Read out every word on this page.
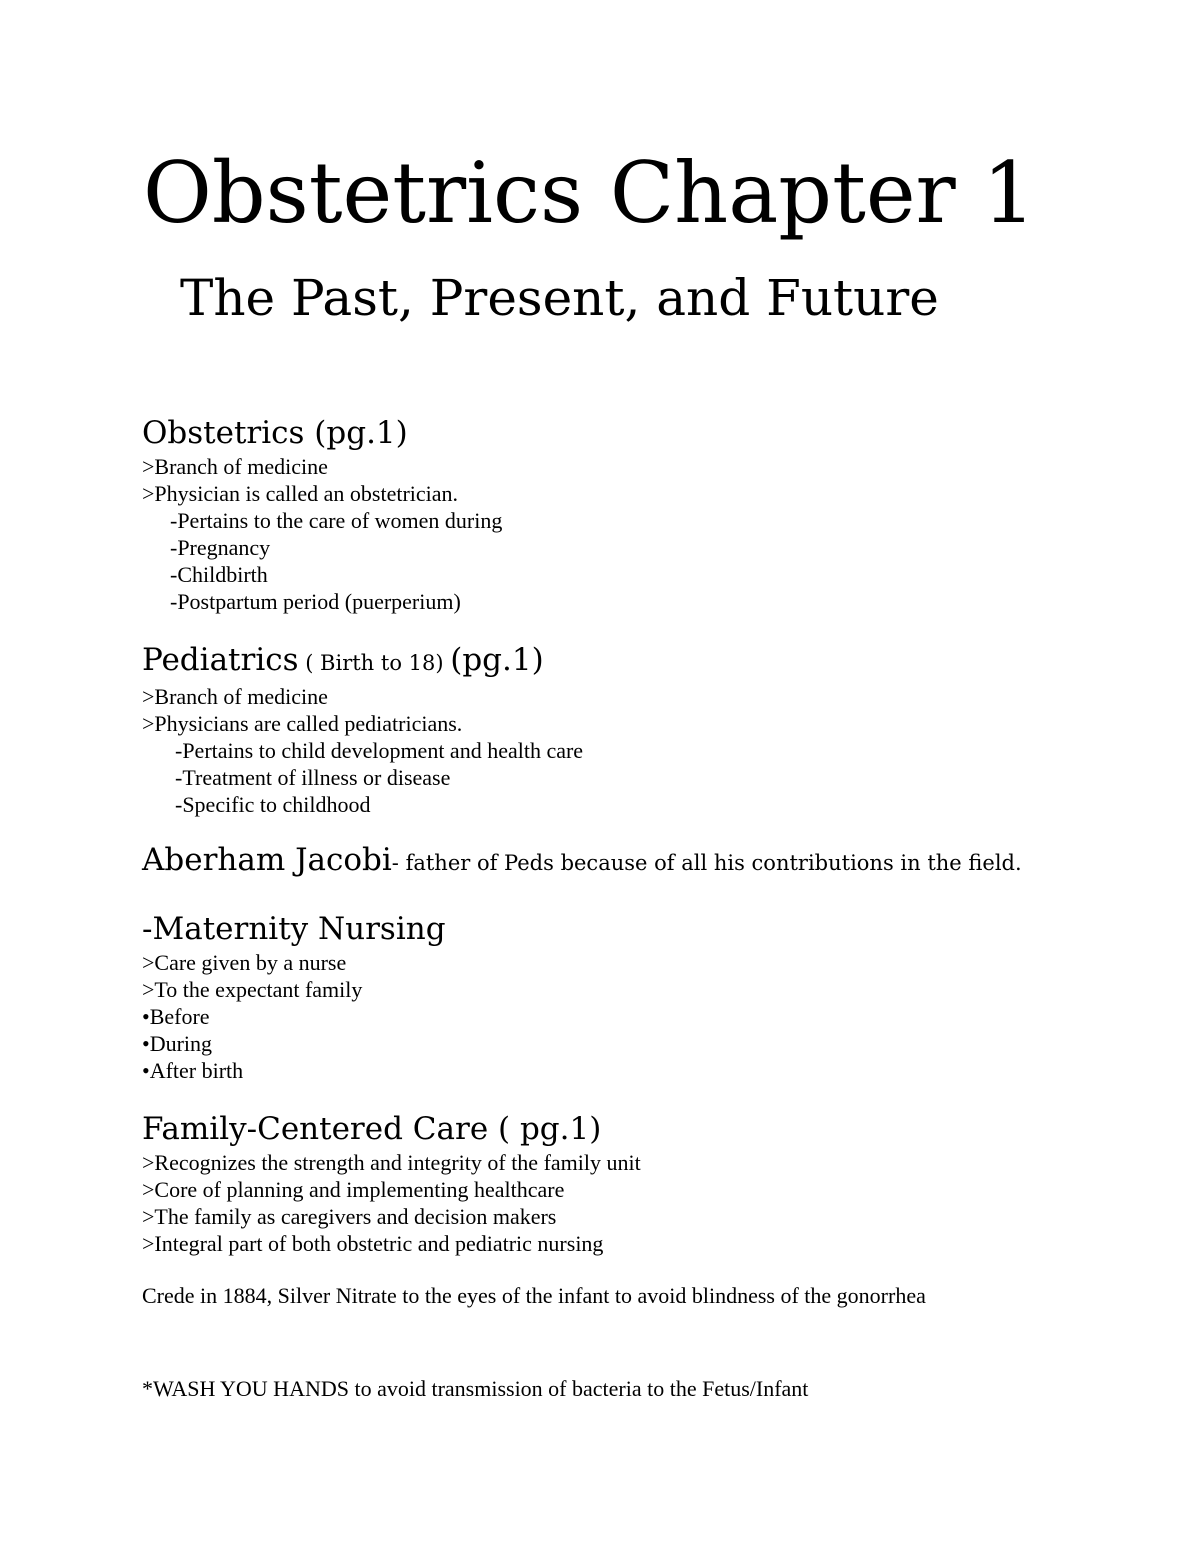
Obstetrics Chapter 1
The Past, Present, and Future
Obstetrics (pg.1)
>Branch of medicine
>Physician is called an obstetrician.
-Pertains to the care of women during
-Pregnancy
-Childbirth
-Postpartum period (puerperium)
Pediatrics ( Birth to 18) (pg.1)
>Branch of medicine
>Physicians are called pediatricians.
-Pertains to child development and health care
-Treatment of illness or disease
-Specific to childhood
Aberham Jacobi- father of Peds because of all his contributions in the field.
-Maternity Nursing
>Care given by a nurse
>To the expectant family
•Before
•During
•After birth
Family-Centered Care ( pg.1)
>Recognizes the strength and integrity of the family unit
>Core of planning and implementing healthcare
>The family as caregivers and decision makers
>Integral part of both obstetric and pediatric nursing
Crede in 1884, Silver Nitrate to the eyes of the infant to avoid blindness of the gonorrhea
*WASH YOU HANDS to avoid transmission of bacteria to the Fetus/Infant
